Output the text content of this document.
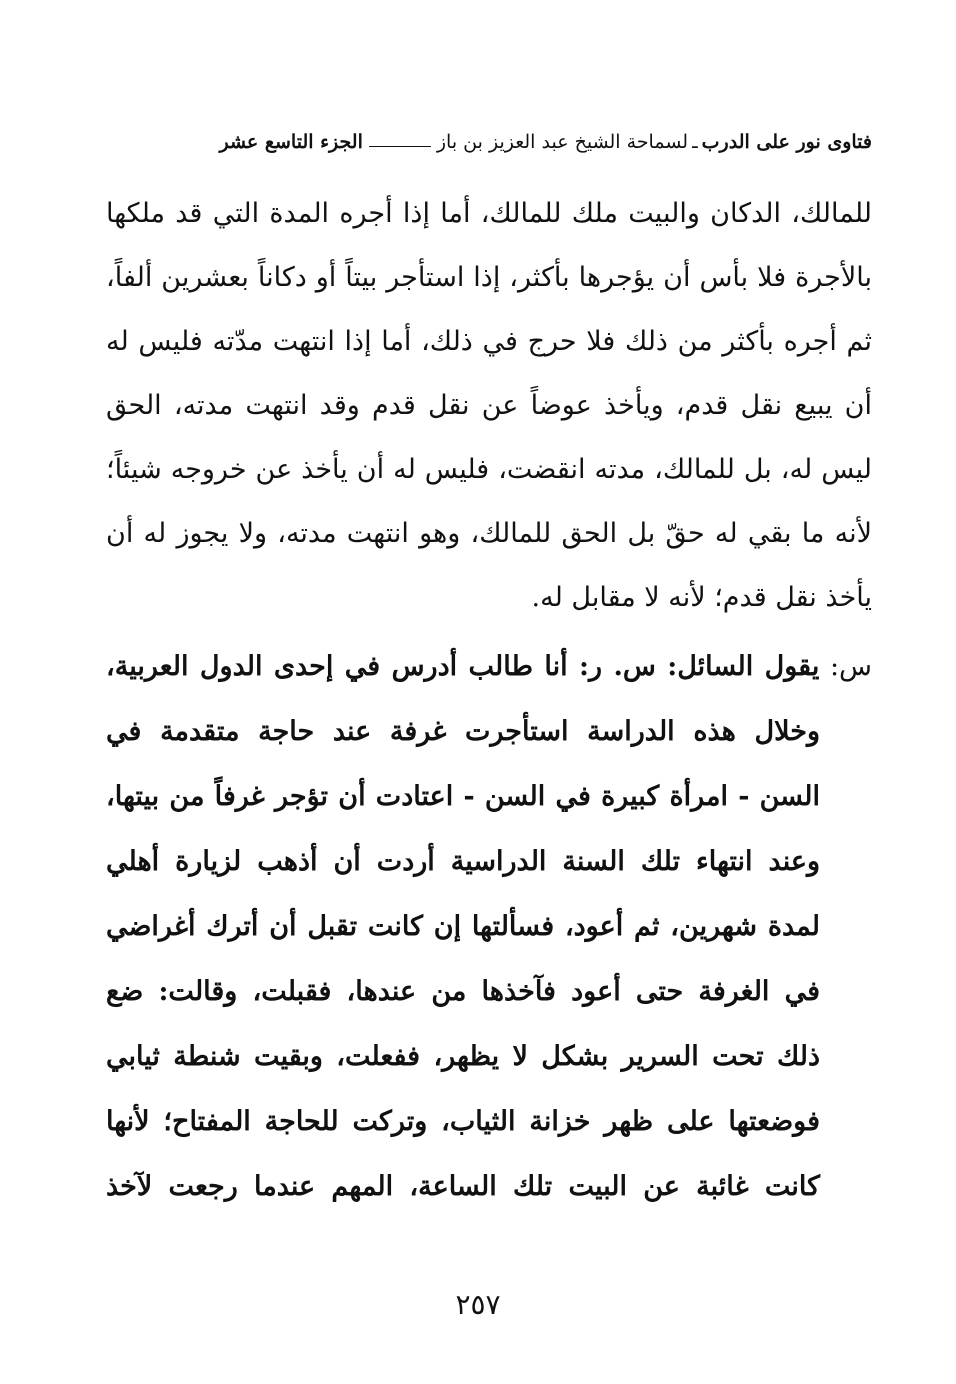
فتاوى نور على الدرب
ـ
لسماحة الشيخ عبد العزيز بن باز
الجزء التاسع عشر
للمالك، الدكان والبيت ملك للمالك، أما إذا أجره المدة التي قد ملكها
بالأجرة فلا بأس أن يؤجرها بأكثر، إذا استأجر بيتاً أو دكاناً بعشرين ألفاً،
ثم أجره بأكثر من ذلك فلا حرج في ذلك، أما إذا انتهت مدّته فليس له
أن يبيع نقل قدم، ويأخذ عوضاً عن نقل قدم وقد انتهت مدته، الحق
ليس له، بل للمالك، مدته انقضت، فليس له أن يأخذ عن خروجه شيئاً؛
لأنه ما بقي له حقّ بل الحق للمالك، وهو انتهت مدته، ولا يجوز له أن
يأخذ نقل قدم؛ لأنه لا مقابل له.
س: يقول السائل: س. ر: أنا طالب أدرس في إحدى الدول العربية،
وخلال هذه الدراسة استأجرت غرفة عند حاجة متقدمة في
السن - امرأة كبيرة في السن - اعتادت أن تؤجر غرفاً من بيتها،
وعند انتهاء تلك السنة الدراسية أردت أن أذهب لزيارة أهلي
لمدة شهرين، ثم أعود، فسألتها إن كانت تقبل أن أترك أغراضي
في الغرفة حتى أعود فآخذها من عندها، فقبلت، وقالت: ضع
ذلك تحت السرير بشكل لا يظهر، ففعلت، وبقيت شنطة ثيابي
فوضعتها على ظهر خزانة الثياب، وتركت للحاجة المفتاح؛ لأنها
كانت غائبة عن البيت تلك الساعة، المهم عندما رجعت لآخذ
٢٥٧
